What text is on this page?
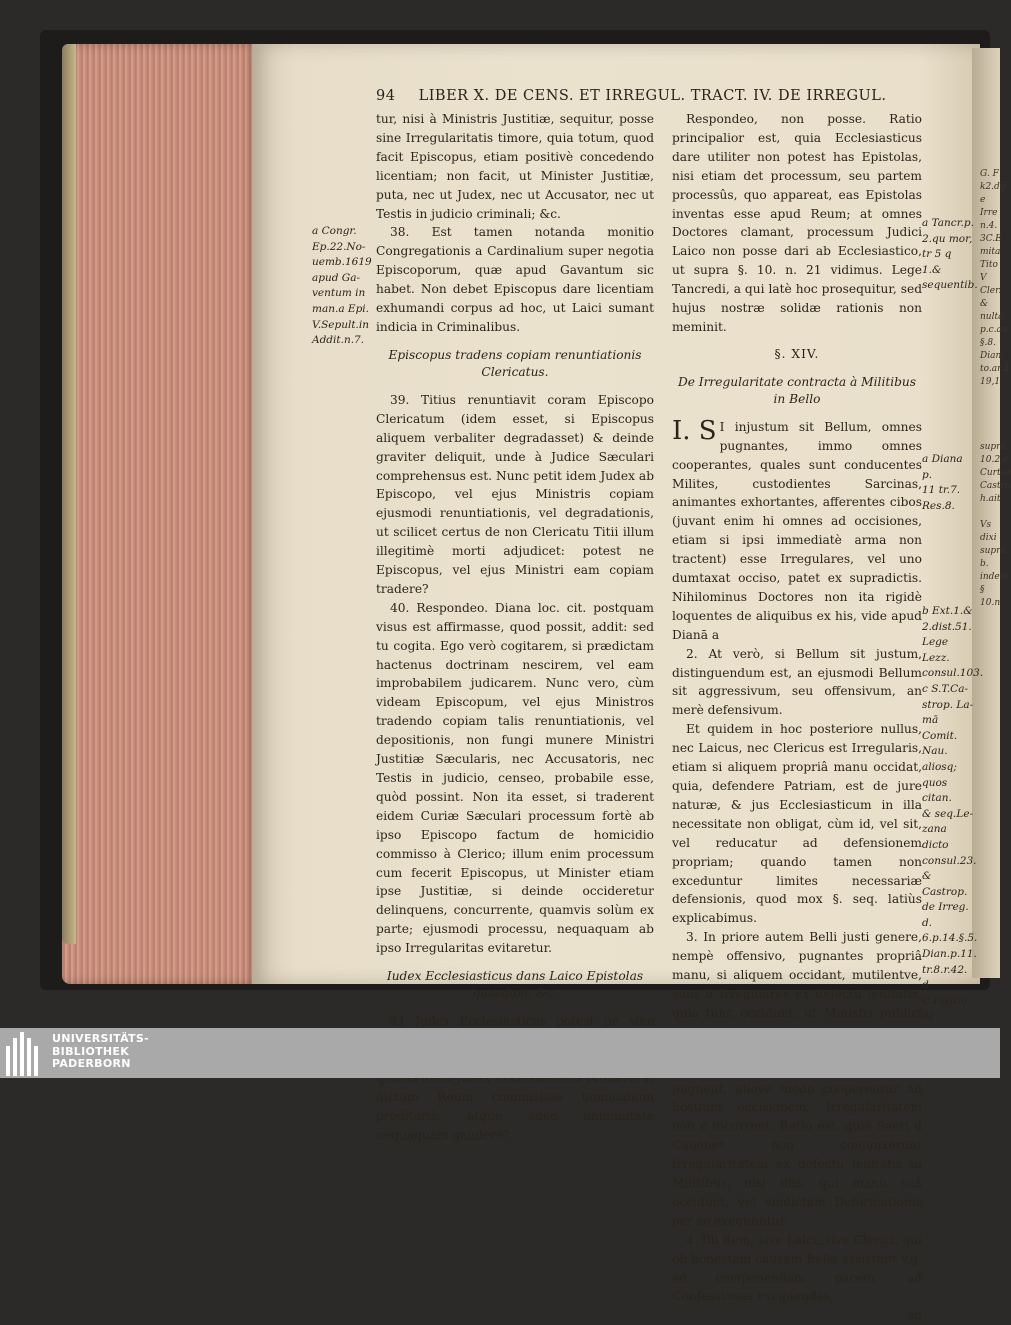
G. F
k2.dif
e Irre
n.4.
3C.E.
mita
Tito V
Cler. &
nulta
p.c.au
§.8.
Dian.
to.ar.2
19,1.

supra
10.2.e.
Curtae
Castro
h.ait.

Vs dixi
supra b.
indem
§ 10.n.
94 LIBER X. DE CENS. ET IRREGUL. TRACT. IV. DE IRREGUL.

tur, nisi à Ministris Justitiæ, sequitur, posse sine Irregularitatis timore, quia totum, quod facit Episcopus, etiam positivè concedendo licentiam; non facit, ut Minister Justitiæ, puta, nec ut Judex, nec ut Accusator, nec ut Testis in judicio criminali; &c.

38. Est tamen notanda monitio Congregationis a Cardinalium super negotia Episcoporum, quæ apud Gavantum sic habet. Non debet Episcopus dare licentiam exhumandi corpus ad hoc, ut Laici sumant indicia in Criminalibus.

Episcopus tradens copiam renuntiationis Clericatus.

39. Titius renuntiavit coram Episcopo Clericatum (idem esset, si Episcopus aliquem verbaliter degradasset) & deinde graviter deliquit, unde à Judice Sæculari comprehensus est. Nunc petit idem Judex ab Episcopo, vel ejus Ministris copiam ejusmodi renuntiationis, vel degradationis, ut scilicet certus de non Clericatu Titii illum illegitimè morti adjudicet: potest ne Episcopus, vel ejus Ministri eam copiam tradere?

40. Respondeo. Diana loc. cit. postquam visus est affirmasse, quod possit, addit: sed tu cogita. Ego verò cogitarem, si prædictam hactenus doctrinam nescirem, vel eam improbabilem judicarem. Nunc vero, cùm videam Episcopum, vel ejus Ministros tradendo copiam talis renuntiationis, vel depositionis, non fungi munere Ministri Justitiæ Sæcularis, nec Accusatoris, nec Testis in judicio, censeo, probabile esse, quòd possint. Non ita esset, si traderent eidem Curiæ Sæculari processum fortè ab ipso Episcopo factum de homicidio commisso à Clerico; illum enim processum cum fecerit Episcopus, ut Minister etiam ipse Justitiæ, si deinde occideretur delinquens, concurrente, quamvis solùm ex parte; ejusmodi processu, nequaquam ab ipso Irregularitas evitaretur.

Iudex Ecclesiasticus dans Laico Epistolas quasdam, &c.

41 Judex Ecclesiasticus potest ne sine dictum Reum commisisse homicidium proditoriè, atque adeo immunitate nequaquam gaudere?

Respondeo, non posse. Ratio principalior est, quia Ecclesiasticus dare utiliter non potest has Epistolas, nisi etiam det processum, seu partem processûs, quo appareat, eas Epistolas inventas esse apud Reum; at omnes Doctores clamant, processum Judici Laico non posse dari ab Ecclesiastico, ut supra §. 10. n. 21 vidimus. Lege Tancredi, a qui latè hoc prosequitur, sed hujus nostræ solidæ rationis non meminit.

§. XIV.

De Irregularitate contracta à Militibus in Bello

I. S I injustum sit Bellum, omnes pugnantes, immo omnes cooperantes, quales sunt conducentes Milites, custodientes Sarcinas, animantes exhortantes, afferentes cibos (juvant enim hi omnes ad occisiones, etiam si ipsi immediatè arma non tractent) esse Irregulares, vel uno dumtaxat occiso, patet ex supradictis. Nihilominus Doctores non ita rigidè loquentes de aliquibus ex his, vide apud Dianā a

2. At verò, si Bellum sit justum, distinguendum est, an ejusmodi Bellum sit aggressivum, seu offensivum, an merè defensivum.

Et quidem in hoc posteriore nullus, nec Laicus, nec Clericus est Irregularis, etiam si aliquem propriâ manu occidat, quia, defendere Patriam, est de jure naturæ, & jus Ecclesiasticum in illa necessitate non obligat, cùm id, vel sit, vel reducatur ad defensionem propriam; quando tamen non exceduntur limites necessariæ defensionis, quod mox §. seq. latiùs explicabimus.

3. In priore autem Belli justi genere, nempè offensivo, pugnantes propriâ manu, si aliquem occidant, mutilentve, sunt b Irregulares ex defectu lenitatis, quia tunc occidunt, ut Ministri publici pugnent, aliove modo cooperentur ad hostium occisionem, Irregularitatem non c incurrent. Ratio est, quia Sacri d Canones non conjunxerunt Irregularitatem ex defectu lenitatis in Militibus, nisi illis, qui manu suâ occidunt, vel vindictam Deformationis per se exequuntur.

4. Illi item, sive Laici, sive Clerici, qui ob honestam causam Bello assistunt v.g. ad componendam pacem, ad Confessiones excipiendas,

ad

a Congr.
Ep.22.No-
uemb.1619
apud Ga-
ventum in
man.a Epi.
V.Sepult.in
Addit.n.7.
a Tancr.p.
2.qu mor,
tr 5 q 1.&
sequentib.
a Diana p.
11 tr.7.
Res.8.
b Ext.1.&
2.dist.51.
Lege Lezz.
consul.103.
c S.T.Ca-
strop. La-
mā Comit.
Nau. aliosq;
quos citan.
& seq.Le-
zana dicto
consul.23.
& Castrop.
de Irreg. d.
6.p.14.§.5.
Dian.p.11.
tr.8.r.42.
d C.Petitio
de
UNIVERSITÄTS-
BIBLIOTHEK
PADERBORN
